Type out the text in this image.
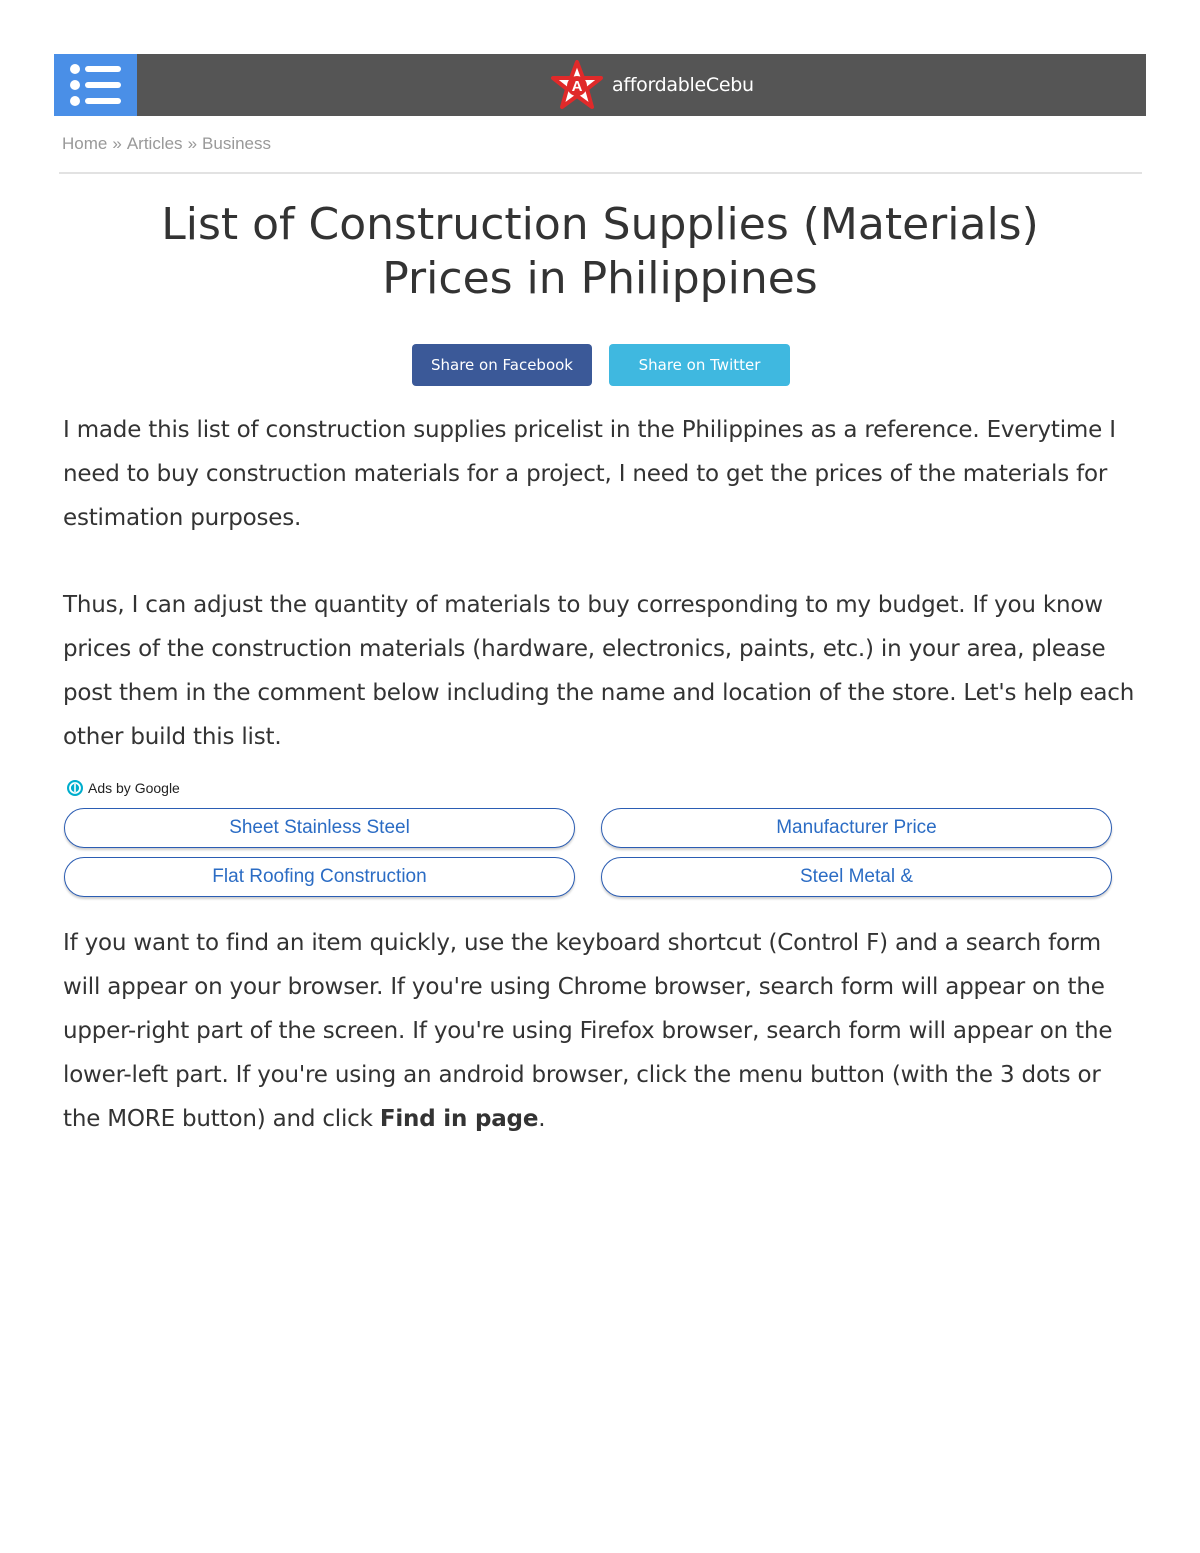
A affordableCebu
Home » Articles » Business
List of Construction Supplies (Materials)
Prices in Philippines
Share on Facebook	Share on Twitter

I made this list of construction supplies pricelist in the Philippines as a reference. Everytime I need to buy construction materials for a project, I need to get the prices of the materials for estimation purposes.

Thus, I can adjust the quantity of materials to buy corresponding to my budget. If you know prices of the construction materials (hardware, electronics, paints, etc.) in your area, please post them in the comment below including the name and location of the store. Let's help each other build this list.

Ads by Google
Sheet Stainless Steel	Manufacturer Price
Flat Roofing Construction	Steel Metal &

If you want to find an item quickly, use the keyboard shortcut (Control F) and a search form will appear on your browser. If you're using Chrome browser, search form will appear on the upper-right part of the screen. If you're using Firefox browser, search form will appear on the lower-left part. If you're using an android browser, click the menu button (with the 3 dots or the MORE button) and click Find in page.
